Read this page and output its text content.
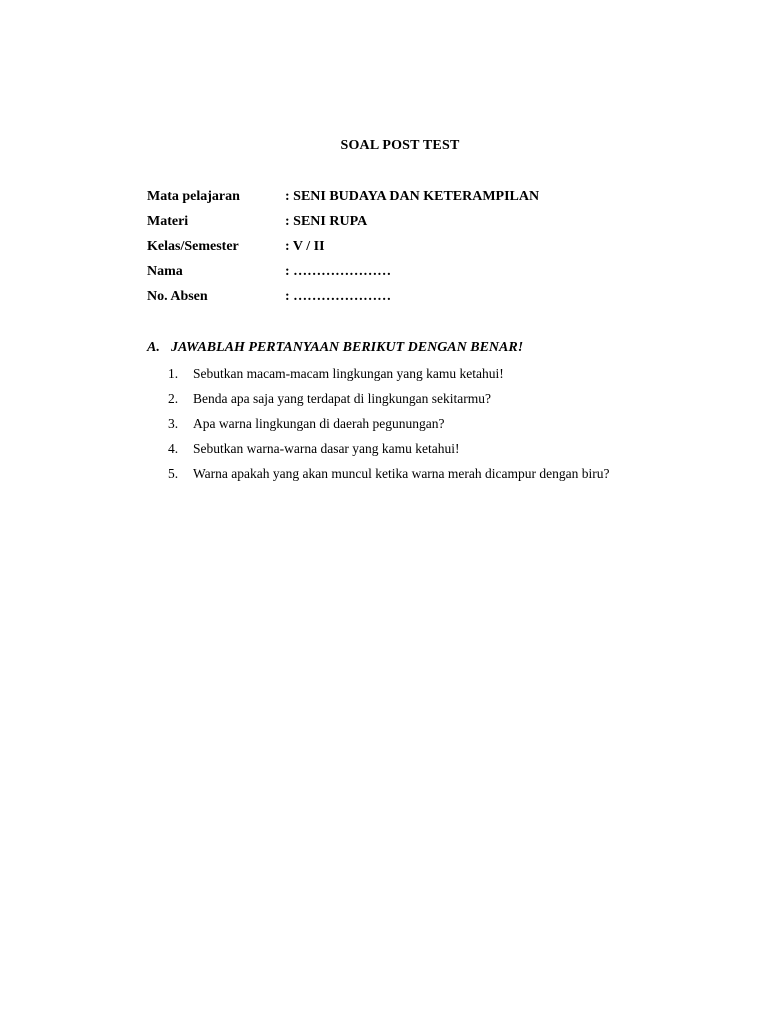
SOAL POST TEST
Mata pelajaran	: SENI BUDAYA DAN KETERAMPILAN
Materi	: SENI RUPA
Kelas/Semester	: V / II
Nama	: …………………
No. Absen	: …………………
A. JAWABLAH PERTANYAAN BERIKUT DENGAN BENAR!
1.	Sebutkan macam-macam lingkungan yang kamu ketahui!
2.	Benda apa saja yang terdapat di lingkungan sekitarmu?
3.	Apa warna lingkungan di daerah pegunungan?
4.	Sebutkan warna-warna dasar yang kamu ketahui!
5.	Warna apakah yang akan muncul ketika warna merah dicampur dengan biru?
